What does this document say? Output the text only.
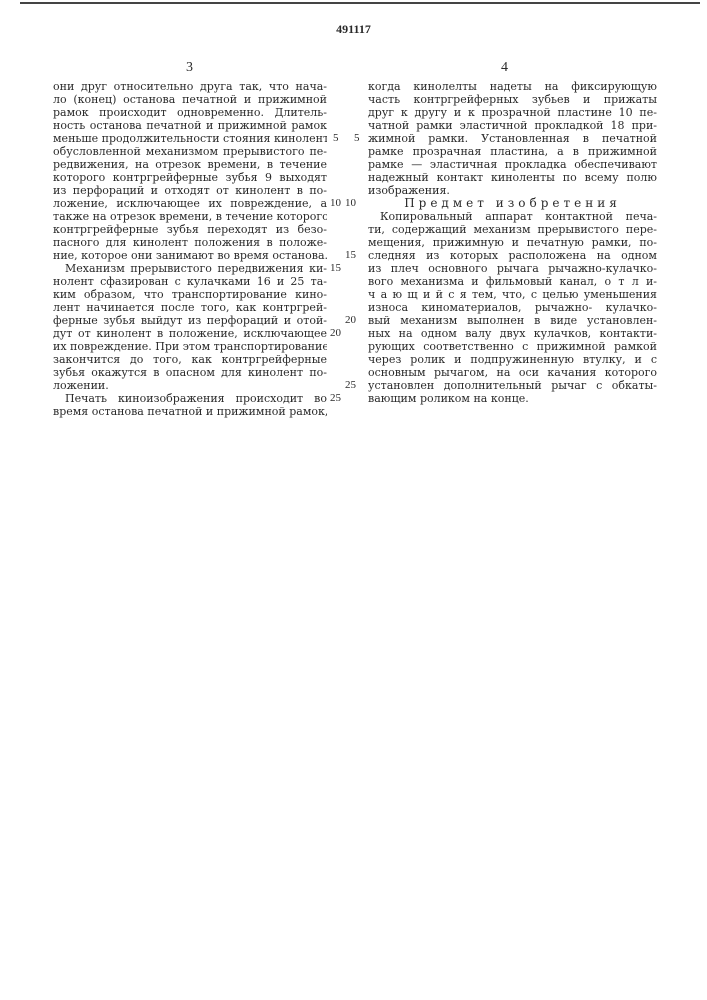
491117
3	4
они друг относительно друга так, что нача-
ло (конец) останова печатной и прижимной
рамок происходит одновременно. Длитель-
ность останова печатной и прижимной рамок
меньше продолжительности стояния кинолент,
обусловленной механизмом прерывистого пе-
редвижения, на отрезок времени, в течение
которого контргрейферные зубья 9 выходят
из перфораций и отходят от кинолент в по-
ложение, исключающее их повреждение, а
также на отрезок времени, в течение которого
контргрейферные зубья переходят из безо-
пасного для кинолент положения в положе-
ние, которое они занимают во время останова.
Механизм прерывистого передвижения ки-
нолент сфазирован с кулачками 16 и 25 та-
ким образом, что транспортирование кино-
лент начинается после того, как контргрей-
ферные зубья выйдут из перфораций и отой-
дут от кинолент в положение, исключающее
их повреждение. При этом транспортирование
закончится до того, как контргрейферные
зубья окажутся в опасном для кинолент по-
ложении.
Печать киноизображения происходит во
время останова печатной и прижимной рамок,
когда кинолелты надеты на фиксирующую
часть контргрейферных зубьев и прижаты
друг к другу и к прозрачной пластине 10 пе-
чатной рамки эластичной прокладкой 18 при-
жимной рамки. Установленная в печатной
рамке прозрачная пластина, а в прижимной
рамке — эластичная прокладка обеспечивают
надежный контакт киноленты по всему полю
изображения.
Предмет изобретения
Копировальный аппарат контактной печа-
ти, содержащий механизм прерывистого пере-
мещения, прижимную и печатную рамки, по-
следняя из которых расположена на одном
из плеч основного рычага рычажно-кулачко-
вого механизма и фильмовый канал, о т л и-
ч а ю щ и й с я тем, что, с целью уменьшения
износа киноматериалов, рычажно- кулачко-
вый механизм выполнен в виде установлен-
ных на одном валу двух кулачков, контакти-
рующих соответственно с прижимной рамкой
через ролик и подпружиненную втулку, и с
основным рычагом, на оси качания которого
установлен дополнительный рычаг с обкаты-
вающим роликом на конце.
5
10
15
20
25
5
10
15
20
25
